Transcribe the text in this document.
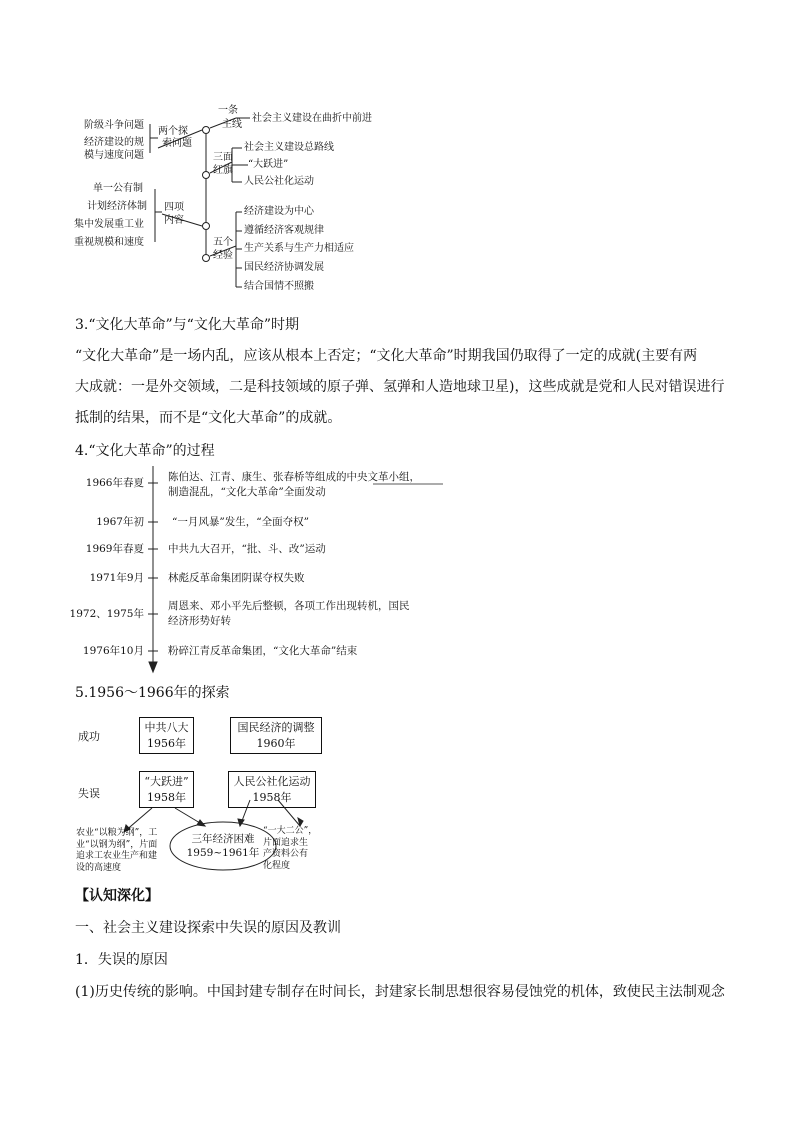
阶级斗争问题
经济建设的规
模与速度问题
两个探
索问题
一条
主线
社会主义建设在曲折中前进
三面
红旗
社会主义建设总路线
“大跃进”
人民公社化运动
单一公有制
计划经济体制
集中发展重工业
重视规模和速度
四项
内容
五个
经验
经济建设为中心
遵循经济客观规律
生产关系与生产力相适应
国民经济协调发展
结合国情不照搬
3.“文化大革命”与“文化大革命”时期
“文化大革命”是一场内乱，应该从根本上否定；“文化大革命”时期我国仍取得了一定的成就(主要有两
大成就：一是外交领域，二是科技领域的原子弹、氢弹和人造地球卫星)，这些成就是党和人民对错误进行
抵制的结果，而不是“文化大革命”的成就。
4.“文化大革命”的过程
1966年春夏 陈伯达、江青、康生、张春桥等组成的中央文革小组，
制造混乱，“文化大革命”全面发动
1967年初	“一月风暴”发生，“全面夺权”
1969年春夏 中共九大召开，“批、斗、改”运动
1971年9月 林彪反革命集团阴谋夺权失败
1972、1975年
周恩来、邓小平先后整顿，各项工作出现转机，国民
经济形势好转
1976年10月 粉碎江青反革命集团，“文化大革命”结束
5.1956～1966年的探索
成功
失误
中共八大
1956年
国民经济的调整
1960年
“大跃进”
1958年
人民公社化运动
1958年
三年经济困难
1959~1961年
农业“以粮为纲”，工
业“以钢为纲”，片面
追求工农业生产和建
设的高速度
“一大二公”，
片面追求生
产资料公有
化程度
【认知深化】
一、社会主义建设探索中失误的原因及教训
1．失误的原因
(1)历史传统的影响。中国封建专制存在时间长，封建家长制思想很容易侵蚀党的机体，致使民主法制观念
